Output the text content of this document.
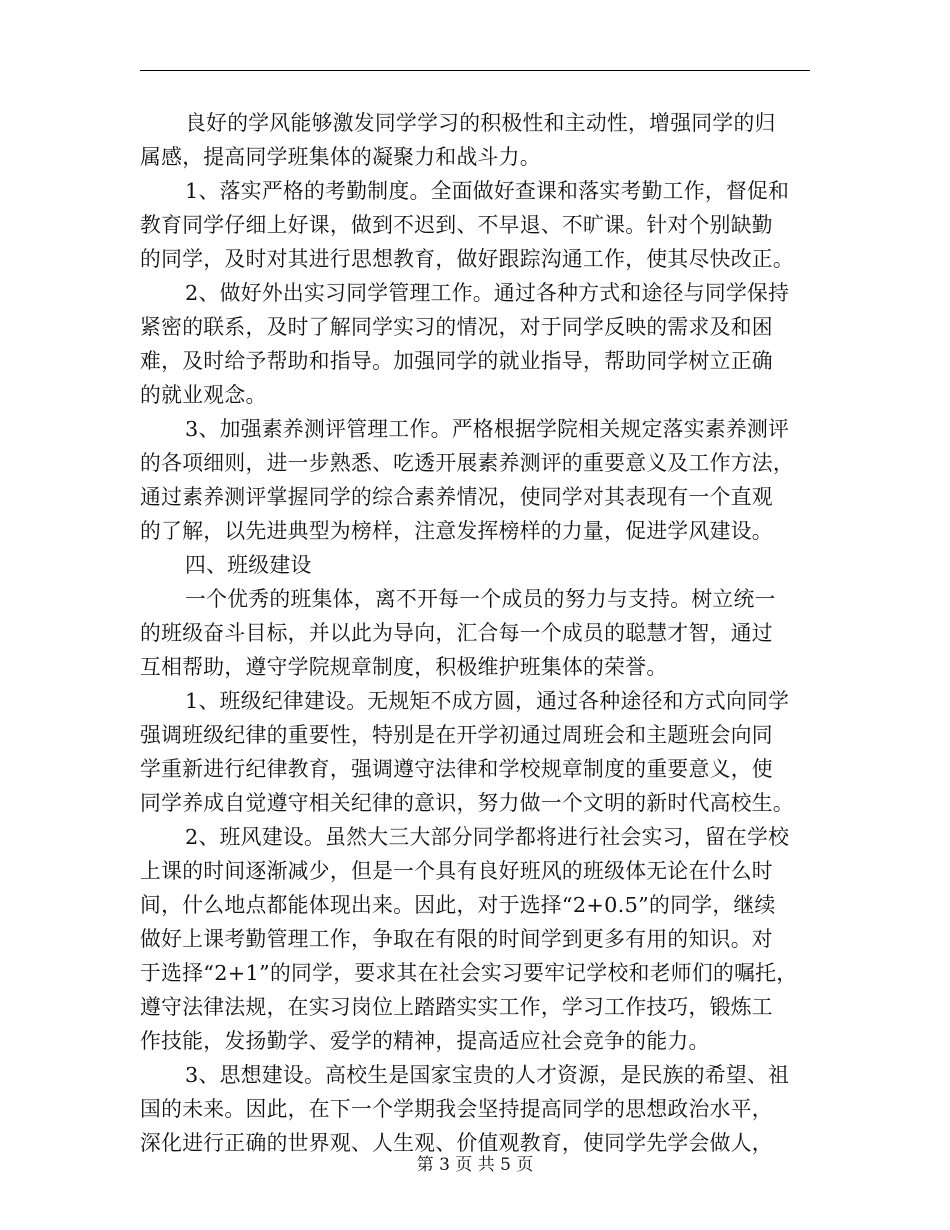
良好的学风能够激发同学学习的积极性和主动性，增强同学的归
属感，提高同学班集体的凝聚力和战斗力。
1、落实严格的考勤制度。全面做好查课和落实考勤工作，督促和
教育同学仔细上好课，做到不迟到、不早退、不旷课。针对个别缺勤
的同学，及时对其进行思想教育，做好跟踪沟通工作，使其尽快改正。
2、做好外出实习同学管理工作。通过各种方式和途径与同学保持
紧密的联系，及时了解同学实习的情况，对于同学反映的需求及和困
难，及时给予帮助和指导。加强同学的就业指导，帮助同学树立正确
的就业观念。
3、加强素养测评管理工作。严格根据学院相关规定落实素养测评
的各项细则，进一步熟悉、吃透开展素养测评的重要意义及工作方法，
通过素养测评掌握同学的综合素养情况，使同学对其表现有一个直观
的了解，以先进典型为榜样，注意发挥榜样的力量，促进学风建设。
四、班级建设
一个优秀的班集体，离不开每一个成员的努力与支持。树立统一
的班级奋斗目标，并以此为导向，汇合每一个成员的聪慧才智，通过
互相帮助，遵守学院规章制度，积极维护班集体的荣誉。
1、班级纪律建设。无规矩不成方圆，通过各种途径和方式向同学
强调班级纪律的重要性，特别是在开学初通过周班会和主题班会向同
学重新进行纪律教育，强调遵守法律和学校规章制度的重要意义，使
同学养成自觉遵守相关纪律的意识，努力做一个文明的新时代高校生。
2、班风建设。虽然大三大部分同学都将进行社会实习，留在学校
上课的时间逐渐减少，但是一个具有良好班风的班级体无论在什么时
间，什么地点都能体现出来。因此，对于选择“2+0.5”的同学，继续
做好上课考勤管理工作，争取在有限的时间学到更多有用的知识。对
于选择“2+1”的同学，要求其在社会实习要牢记学校和老师们的嘱托，
遵守法律法规，在实习岗位上踏踏实实工作，学习工作技巧，锻炼工
作技能，发扬勤学、爱学的精神，提高适应社会竞争的能力。
3、思想建设。高校生是国家宝贵的人才资源，是民族的希望、祖
国的未来。因此，在下一个学期我会坚持提高同学的思想政治水平，
深化进行正确的世界观、人生观、价值观教育，使同学先学会做人，
第 3 页 共 5 页
